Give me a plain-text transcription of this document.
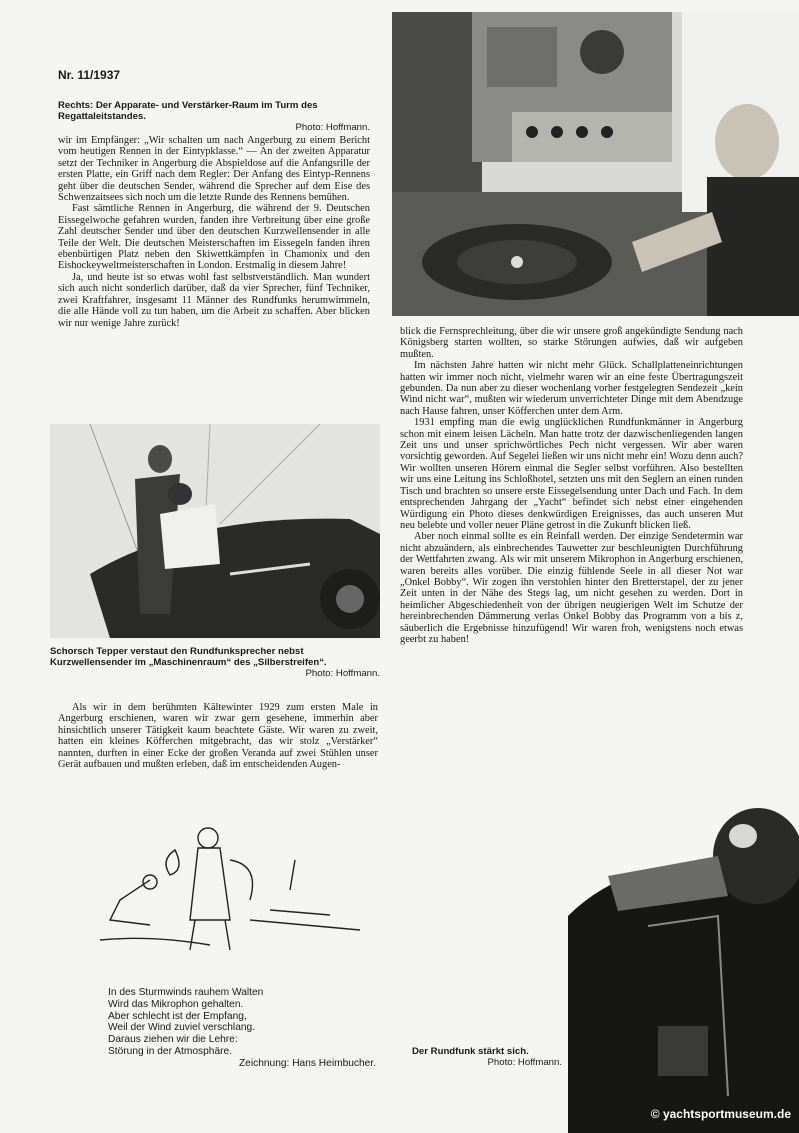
Nr. 11/1937
Rechts: Der Apparate- und Verstärker-Raum im Turm des Regattaleitstandes.
Photo: Hoffmann.

wir im Empfänger: „Wir schalten um nach Angerburg zu einem Bericht vom heutigen Rennen in der Eintypklasse.“ — An der zweiten Apparatur setzt der Techniker in Angerburg die Abspieldose auf die Anfangsrille der ersten Platte, ein Griff nach dem Regler: Der Anfang des Eintyp-Rennens geht über die deutschen Sender, während die Sprecher auf dem Eise des Schwenzaitsees sich noch um die letzte Runde des Rennens bemühen.

Fast sämtliche Rennen in Angerburg, die während der 9. Deutschen Eissegelwoche gefahren wurden, fanden ihre Verbreitung über eine große Zahl deutscher Sender und über den deutschen Kurzwellensender in alle Teile der Welt. Die deutschen Meisterschaften im Eissegeln fanden ihren ebenbürtigen Platz neben den Skiwettkämpfen in Chamonix und den Eishockeyweltmeisterschaften in London. Erstmalig in diesem Jahre!

Ja, und heute ist so etwas wohl fast selbstverständlich. Man wundert sich auch nicht sonderlich darüber, daß da vier Sprecher, fünf Techniker, zwei Kraftfahrer, insgesamt 11 Männer des Rundfunks herumwimmeln, die alle Hände voll zu tun haben, um die Arbeit zu schaffen. Aber blicken wir nur wenige Jahre zurück!

Schorsch Tepper verstaut den Rundfunksprecher nebst Kurzwellensender im „Maschinenraum“ des „Silberstreifen“.
Photo: Hoffmann.

Als wir in dem berühmten Kältewinter 1929 zum ersten Male in Angerburg erschienen, waren wir zwar gern gesehene, immerhin aber hinsichtlich unserer Tätigkeit kaum beachtete Gäste. Wir waren zu zweit, hatten ein kleines Köfferchen mitgebracht, das wir stolz „Verstärker“ nannten, durften in einer Ecke der großen Veranda auf zwei Stühlen unser Gerät aufbauen und mußten erleben, daß im entscheidenden Augen-

blick die Fernsprechleitung, über die wir unsere groß angekündigte Sendung nach Königsberg starten wollten, so starke Störungen aufwies, daß wir aufgeben mußten.

Im nächsten Jahre hatten wir nicht mehr Glück. Schallplatteneinrichtungen hatten wir immer noch nicht, vielmehr waren wir an eine feste Übertragungszeit gebunden. Da nun aber zu dieser wochenlang vorher festgelegten Sendezeit „kein Wind nicht war“, mußten wir wiederum unverrichteter Dinge mit dem Abendzuge nach Hause fahren, unser Köfferchen unter dem Arm.

1931 empfing man die ewig unglücklichen Rundfunkmänner in Angerburg schon mit einem leisen Lächeln. Man hatte trotz der dazwischenliegenden langen Zeit uns und unser sprichwörtliches Pech nicht vergessen. Wir aber waren vorsichtig geworden. Auf Segelei ließen wir uns nicht mehr ein! Wozu denn auch? Wir wollten unseren Hörern einmal die Segler selbst vorführen. Also bestellten wir uns eine Leitung ins Schloßhotel, setzten uns mit den Seglern an einen runden Tisch und brachten so unsere erste Eissegelsendung unter Dach und Fach. In dem entsprechenden Jahrgang der „Yacht“ befindet sich nebst einer eingehenden Würdigung ein Photo dieses denkwürdigen Ereignisses, das auch unseren Mut neu belebte und voller neuer Pläne getrost in die Zukunft blicken ließ.

Aber noch einmal sollte es ein Reinfall werden. Der einzige Sendetermin war nicht abzuändern, als einbrechendes Tauwetter zur beschleunigten Durchführung der Wettfahrten zwang. Als wir mit unserem Mikrophon in Angerburg erschienen, waren bereits alles vorüber. Die einzig fühlende Seele in all dieser Not war „Onkel Bobby“. Wir zogen ihn verstohlen hinter den Bretterstapel, der zu jener Zeit unten in der Nähe des Stegs lag, um nicht gesehen zu werden. Dort in heimlicher Abgeschiedenheit von der übrigen neugierigen Welt im Schutze der hereinbrechenden Dämmerung verlas Onkel Bobby das Programm von a bis z, säuberlich die Ergebnisse hinzufügend! Wir waren froh, wenigstens noch etwas geerbt zu haben!

In des Sturmwinds rauhem Walten
Wird das Mikrophon gehalten.
Aber schlecht ist der Empfang,
Weil der Wind zuviel verschlang.
Daraus ziehen wir die Lehre:
Störung in der Atmosphäre.
Zeichnung: Hans Heimbucher.
Der Rundfunk stärkt sich.
Photo: Hoffmann.
© yachtsportmuseum.de
